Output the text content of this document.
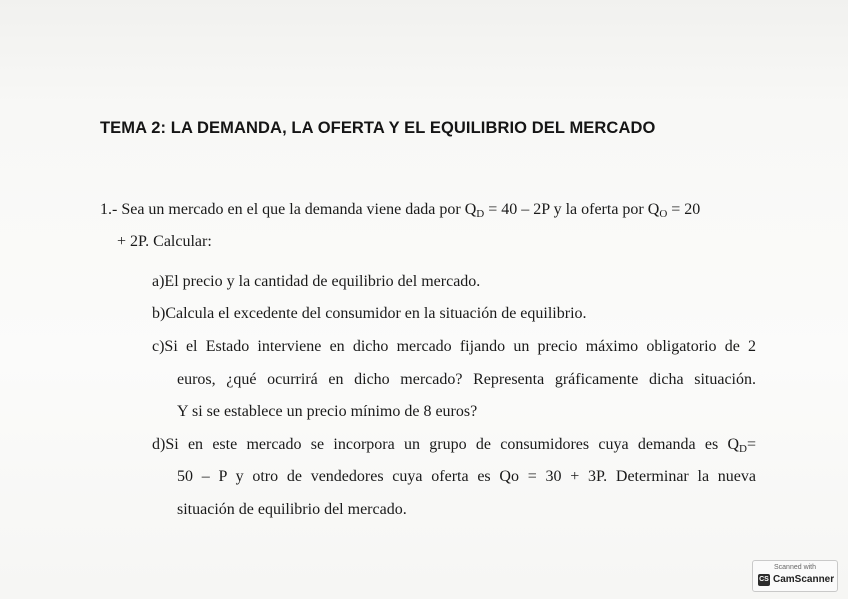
TEMA 2: LA DEMANDA, LA OFERTA Y EL EQUILIBRIO DEL MERCADO
1.- Sea un mercado en el que la demanda viene dada por $Q_D = 40 - 2P$ y la oferta por $Q_O = 20$
+ 2P. Calcular:
a)El precio y la cantidad de equilibrio del mercado.
b)Calcula el excedente del consumidor en la situación de equilibrio.
c)Si el Estado interviene en dicho mercado fijando un precio máximo obligatorio de 2
euros, ¿qué ocurrirá en dicho mercado? Representa gráficamente dicha situación.
Y si se establece un precio mínimo de 8 euros?
d)Si en este mercado se incorpora un grupo de consumidores cuya demanda es $Q_D=$
50 – P y otro de vendedores cuya oferta es Qo = 30 + 3P. Determinar la nueva
situación de equilibrio del mercado.
Scanned with
CS CamScanner
